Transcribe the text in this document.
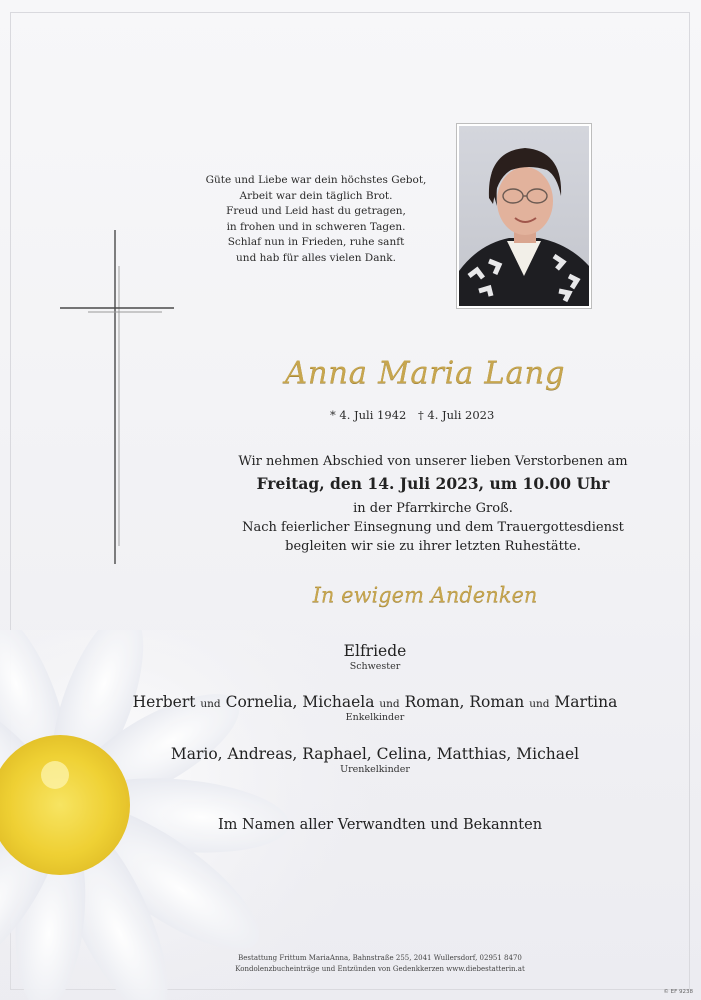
Güte und Liebe war dein höchstes Gebot,
Arbeit war dein täglich Brot.
Freud und Leid hast du getragen,
in frohen und in schweren Tagen.
Schlaf nun in Frieden, ruhe sanft
und hab für alles vielen Dank.
Anna Maria Lang
* 4. Juli 1942 † 4. Juli 2023
Wir nehmen Abschied von unserer lieben Verstorbenen am
Freitag, den 14. Juli 2023, um 10.00 Uhr
in der Pfarrkirche Groß.
Nach feierlicher Einsegnung und dem Trauergottesdienst
begleiten wir sie zu ihrer letzten Ruhestätte.
In ewigem Andenken
Elfriede
Schwester
Herbert und Cornelia, Michaela und Roman, Roman und Martina
Enkelkinder
Mario, Andreas, Raphael, Celina, Matthias, Michael
Urenkelkinder
Im Namen aller Verwandten und Bekannten
Bestattung Frittum MariaAnna, Bahnstraße 255, 2041 Wullersdorf, 02951 8470
Kondolenzbucheinträge und Entzünden von Gedenkkerzen www.diebestatterin.at
© EF 9238
